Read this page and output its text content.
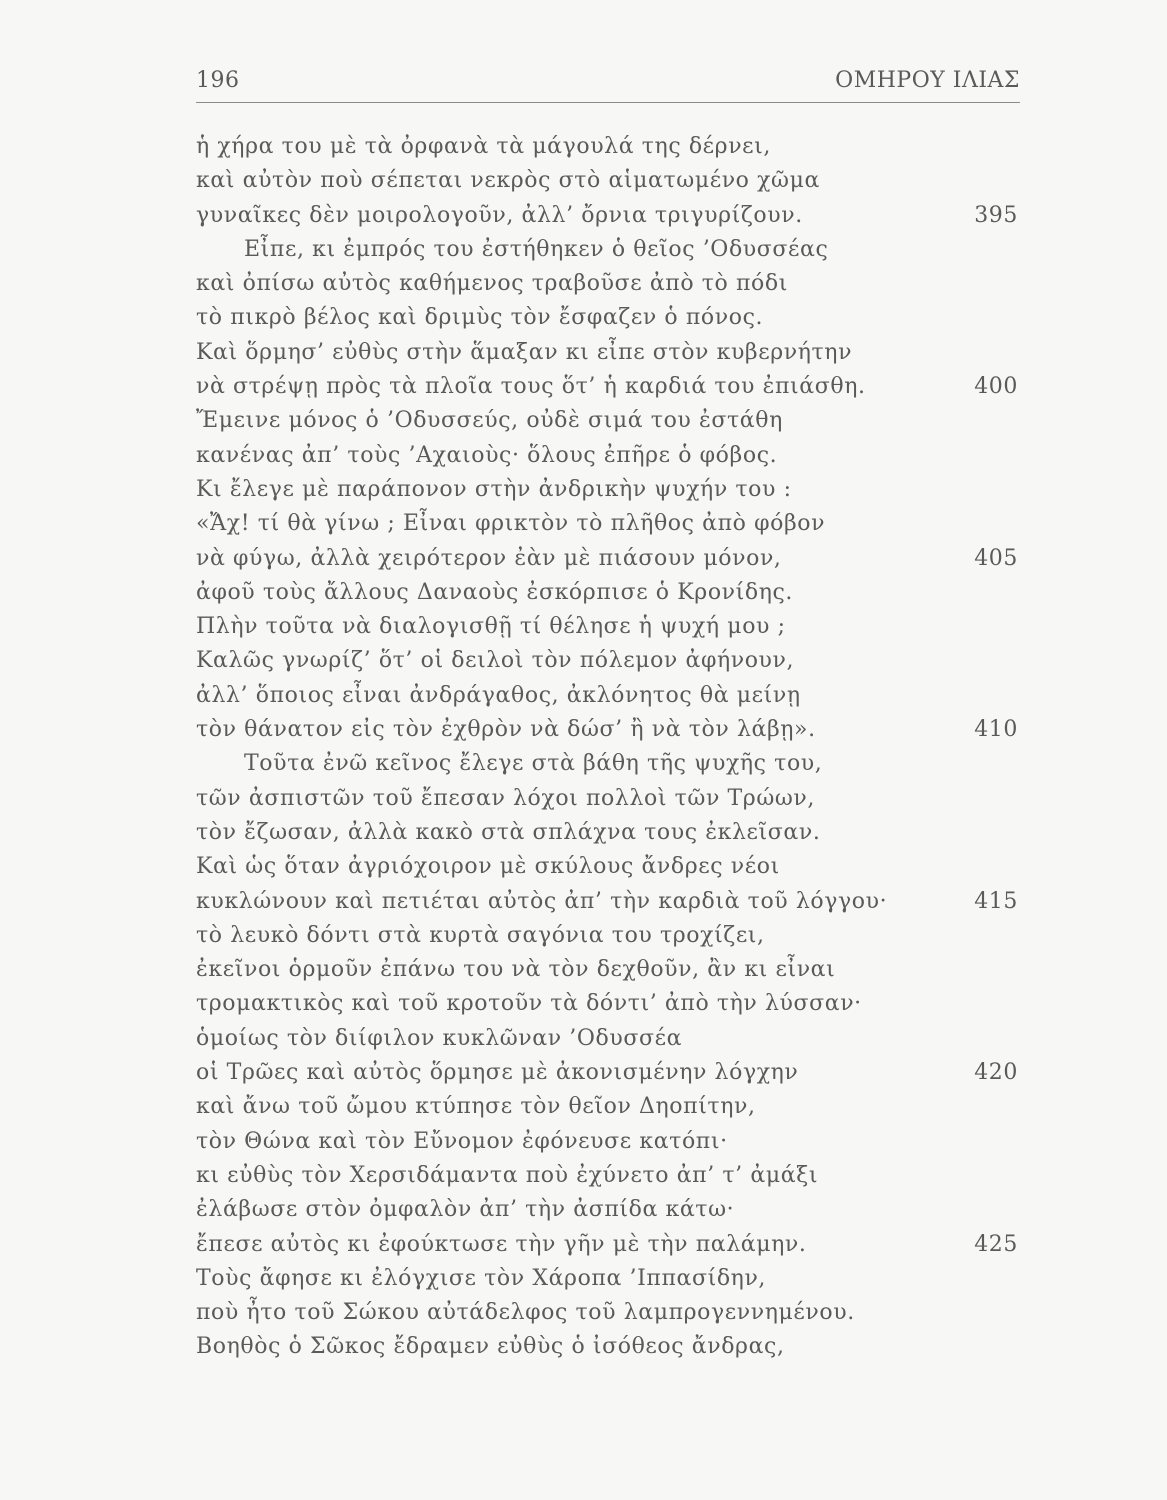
196	ΟΜΗΡΟΥ ΙΛΙΑΣ
ἡ χήρα του μὲ τὰ ὀρφανὰ τὰ μάγουλά της δέρνει,
καὶ αὐτὸν ποὺ σέπεται νεκρὸς στὸ αἱματωμένο χῶμα
γυναῖκες δὲν μοιρολογοῦν, ἀλλ’ ὄρνια τριγυρίζουν.	395
Εἶπε, κι ἐμπρός του ἐστήθηκεν ὁ θεῖος ’Οδυσσέας
καὶ ὀπίσω αὐτὸς καθήμενος τραβοῦσε ἀπὸ τὸ πόδι
τὸ πικρὸ βέλος καὶ δριμὺς τὸν ἔσφαζεν ὁ πόνος.
Καὶ ὅρμησ’ εὐθὺς στὴν ἅμαξαν κι εἶπε στὸν κυβερνήτην
νὰ στρέψῃ πρὸς τὰ πλοῖα τους ὅτ’ ἡ καρδιά του ἐπιάσθη.	400
Ἔμεινε μόνος ὁ ’Οδυσσεύς, οὐδὲ σιμά του ἐστάθη
κανένας ἀπ’ τοὺς ’Αχαιοὺς· ὅλους ἐπῆρε ὁ φόβος.
Κι ἔλεγε μὲ παράπονον στὴν ἀνδρικὴν ψυχήν του :
«Ἄχ! τί θὰ γίνω ; Εἶναι φρικτὸν τὸ πλῆθος ἀπὸ φόβον
νὰ φύγω, ἀλλὰ χειρότερον ἐὰν μὲ πιάσουν μόνον,	405
ἀφοῦ τοὺς ἄλλους Δαναοὺς ἐσκόρπισε ὁ Κρονίδης.
Πλὴν τοῦτα νὰ διαλογισθῇ τί θέλησε ἡ ψυχή μου ;
Καλῶς γνωρίζ’ ὅτ’ οἱ δειλοὶ τὸν πόλεμον ἀφήνουν,
ἀλλ’ ὅποιος εἶναι ἀνδράγαθος, ἀκλόνητος θὰ μείνῃ
τὸν θάνατον εἰς τὸν ἐχθρὸν νὰ δώσ’ ἢ νὰ τὸν λάβῃ».	410
Τοῦτα ἐνῶ κεῖνος ἔλεγε στὰ βάθη τῆς ψυχῆς του,
τῶν ἀσπιστῶν τοῦ ἔπεσαν λόχοι πολλοὶ τῶν Τρώων,
τὸν ἔζωσαν, ἀλλὰ κακὸ στὰ σπλάχνα τους ἐκλεῖσαν.
Καὶ ὡς ὅταν ἀγριόχοιρον μὲ σκύλους ἄνδρες νέοι
κυκλώνουν καὶ πετιέται αὐτὸς ἀπ’ τὴν καρδιὰ τοῦ λόγγου·	415
τὸ λευκὸ δόντι στὰ κυρτὰ σαγόνια του τροχίζει,
ἐκεῖνοι ὁρμοῦν ἐπάνω του νὰ τὸν δεχθοῦν, ἂν κι εἶναι
τρομακτικὸς καὶ τοῦ κροτοῦν τὰ δόντι’ ἀπὸ τὴν λύσσαν·
ὁμοίως τὸν διίφιλον κυκλῶναν ’Οδυσσέα
οἱ Τρῶες καὶ αὐτὸς ὅρμησε μὲ ἀκονισμένην λόγχην	420
καὶ ἄνω τοῦ ὤμου κτύπησε τὸν θεῖον Δηοπίτην,
τὸν Θώνα καὶ τὸν Εὔνομον ἐφόνευσε κατόπι·
κι εὐθὺς τὸν Χερσιδάμαντα ποὺ ἐχύνετο ἀπ’ τ’ ἀμάξι
ἐλάβωσε στὸν ὀμφαλὸν ἀπ’ τὴν ἀσπίδα κάτω·
ἔπεσε αὐτὸς κι ἐφούκτωσε τὴν γῆν μὲ τὴν παλάμην.	425
Τοὺς ἄφησε κι ἐλόγχισε τὸν Χάροπα ’Ιππασίδην,
ποὺ ἦτο τοῦ Σώκου αὐτάδελφος τοῦ λαμπρογεννημένου.
Βοηθὸς ὁ Σῶκος ἔδραμεν εὐθὺς ὁ ἰσόθεος ἄνδρας,
